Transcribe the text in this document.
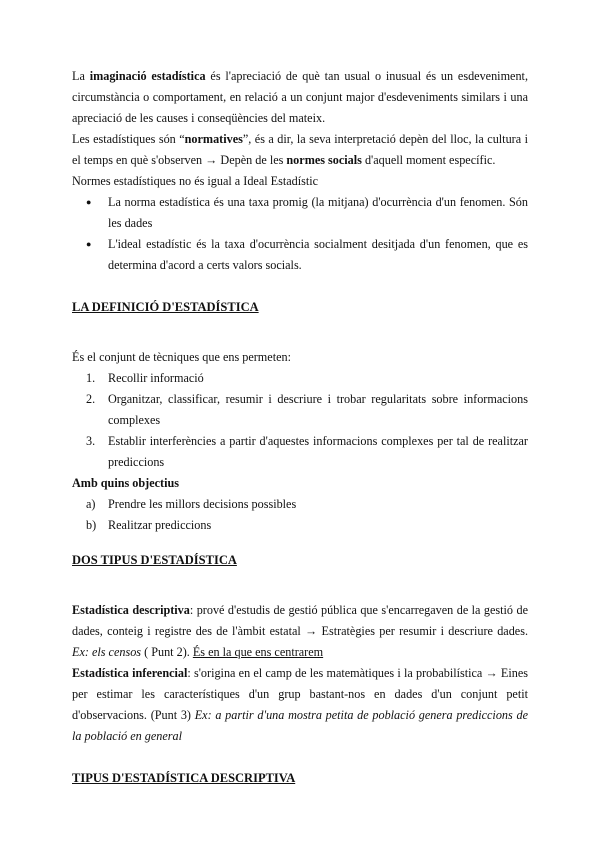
La imaginació estadística és l'apreciació de què tan usual o inusual és un esdeveniment, circumstància o comportament, en relació a un conjunt major d'esdeveniments similars i una apreciació de les causes i conseqüències del mateix.

Les estadístiques són “normatives”, és a dir, la seva interpretació depèn del lloc, la cultura i el temps en què s'observen → Depèn de les normes socials d'aquell moment específic.

Normes estadístiques no és igual a Ideal Estadístic

● La norma estadística és una taxa promig (la mitjana) d'ocurrència d'un fenomen. Són les dades
● L'ideal estadístic és la taxa d'ocurrència socialment desitjada d'un fenomen, que es determina d'acord a certs valors socials.

LA DEFINICIÓ D'ESTADÍSTICA

És el conjunt de tècniques que ens permeten:

1. Recollir informació
2. Organitzar, classificar, resumir i descriure i trobar regularitats sobre informacions complexes
3. Establir interferències a partir d'aquestes informacions complexes per tal de realitzar prediccions

Amb quins objectius

a) Prendre les millors decisions possibles
b) Realitzar prediccions

DOS TIPUS D'ESTADÍSTICA

Estadística descriptiva: prové d'estudis de gestió pública que s'encarregaven de la gestió de dades, conteig i registre des de l'àmbit estatal → Estratègies per resumir i descriure dades. Ex: els censos ( Punt 2). És en la que ens centrarem

Estadística inferencial: s'origina en el camp de les matemàtiques i la probabilística → Eines per estimar les característiques d'un grup bastant-nos en dades d'un conjunt petit d'observacions. (Punt 3) Ex: a partir d'una mostra petita de població genera prediccions de la població en general

TIPUS D'ESTADÍSTICA DESCRIPTIVA
